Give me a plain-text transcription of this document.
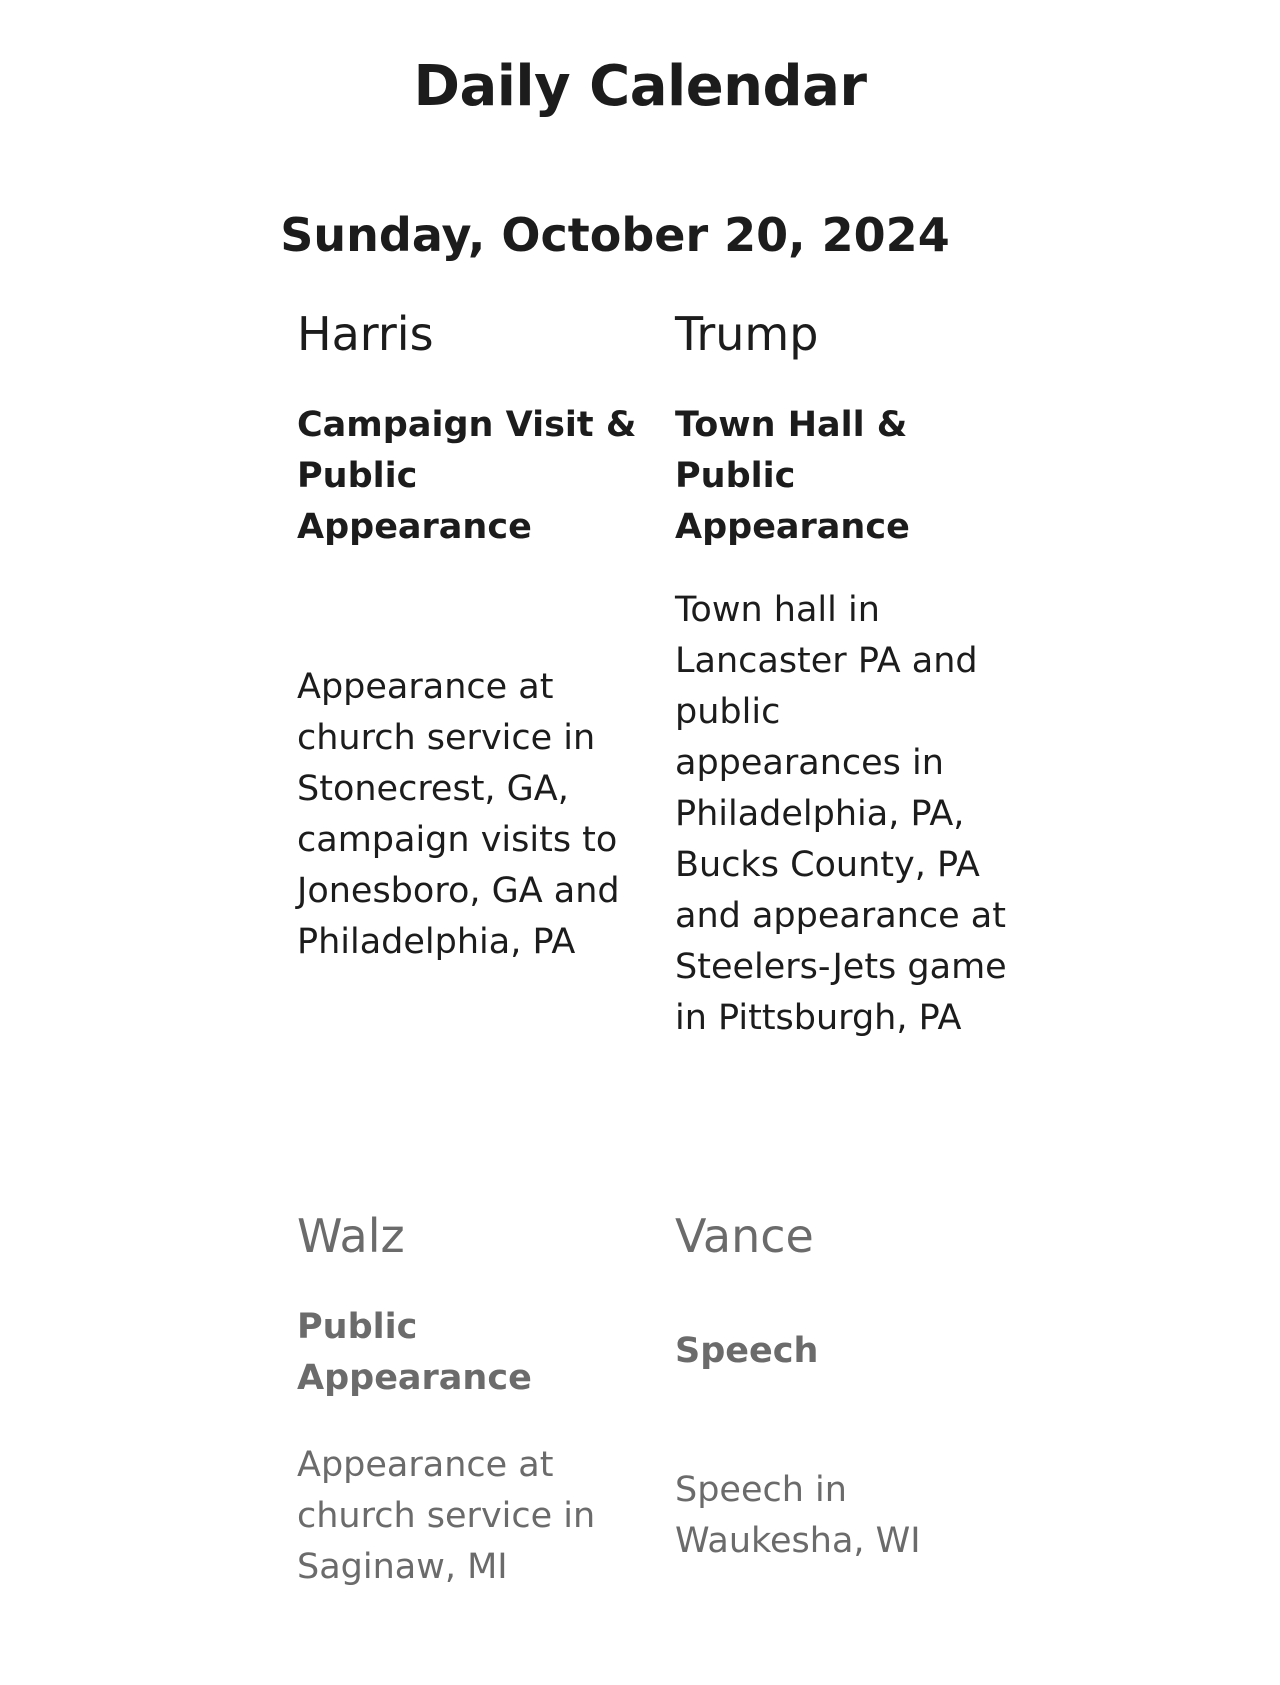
Daily Calendar
Sunday, October 20, 2024
Harris
Campaign Visit & Public Appearance
Appearance at church service in Stonecrest, GA, campaign visits to Jonesboro, GA and Philadelphia, PA
Trump
Town Hall & Public Appearance
Town hall in Lancaster PA and public appearances in Philadelphia, PA, Bucks County, PA and appearance at Steelers-Jets game in Pittsburgh, PA
Walz
Public Appearance
Appearance at church service in Saginaw, MI
Vance
Speech
Speech in Waukesha, WI
